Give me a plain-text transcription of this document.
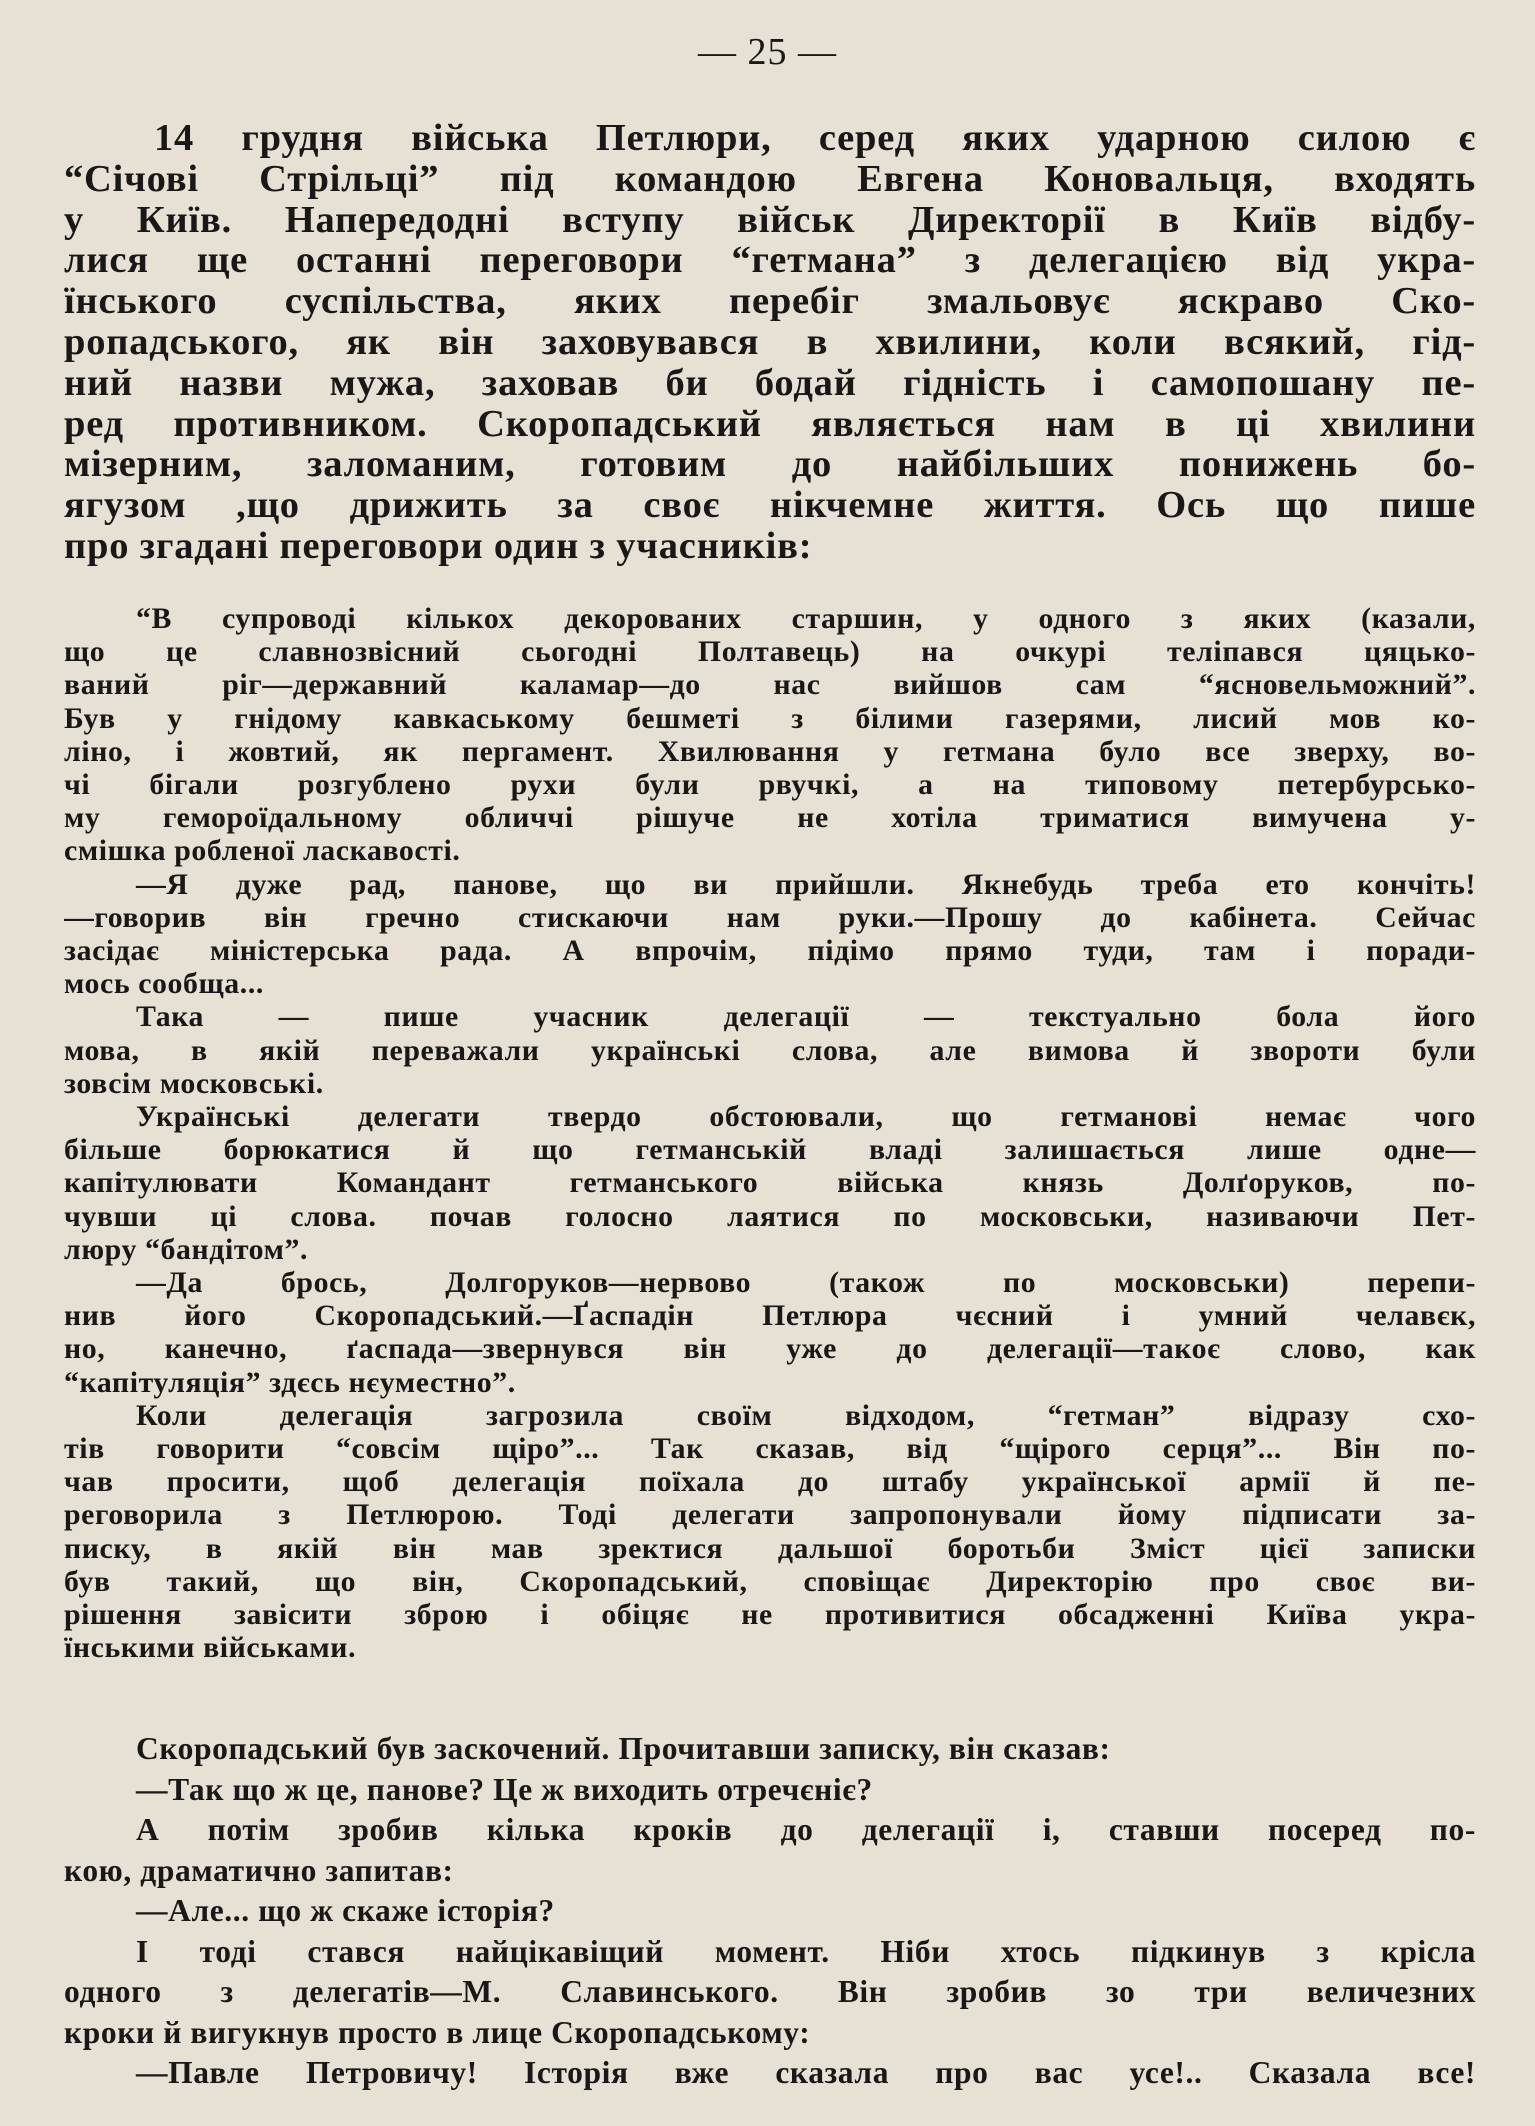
— 25 —
14 грудня війська Петлюри, серед яких ударною силою є
“Січові Стрільці” під командою Евгена Коновальця, входять
у Київ. Напередодні вступу військ Директорії в Київ відбу-
лися ще останні переговори “гетмана” з делегацією від укра-
їнського суспільства, яких перебіг змальовує яскраво Ско-
ропадського, як він заховувався в хвилини, коли всякий, гід-
ний назви мужа, заховав би бодай гідність і самопошану пе-
ред противником. Скоропадський являється нам в ці хвилини
мізерним, заломаним, готовим до найбільших понижень бо-
ягузом ,що дрижить за своє нікчемне життя. Ось що пише
про згадані переговори один з учасників:
“В супроводі кількох декорованих старшин, у одного з яких (казали,
що це славнозвісний сьогодні Полтавець) на очкурі теліпався цяцько-
ваний ріг—державний каламар—до нас вийшов сам “ясновельможний”.
Був у гнідому кавкаському бешметі з білими газерями, лисий мов ко-
ліно, і жовтий, як пергамент. Хвилювання у гетмана було все зверху, во-
чі бігали розгублено рухи були рвучкі, а на типовому петербурсько-
му гемороїдальному обличчі рішуче не хотіла триматися вимучена у-
смішка робленої ласкавості.
—Я дуже рад, панове, що ви прийшли. Якнебудь треба ето кончіть!
—говорив він гречно стискаючи нам руки.—Прошу до кабінета. Сейчас
засідає міністерська рада. А впрочім, підімо прямо туди, там і поради-
мось сообща...
Така — пише учасник делегації — текстуально бола його
мова, в якій переважали українські слова, але вимова й звороти були
зовсім московські.
Українські делегати твердо обстоювали, що гетманові немає чого
більше борюкатися й що гетманській владі залишається лише одне—
капітулювати Командант гетманського війська князь Долґоруков, по-
чувши ці слова. почав голосно лаятися по московськи, називаючи Пет-
люру “бандітом”.
—Да брось, Долгоруков—нервово (також по московськи) перепи-
нив його Скоропадський.—Ґаспадін Петлюра чєсний і умний челавєк,
но, канечно, ґаспада—звернувся він уже до делегації—такоє слово, как
“капітуляція” здєсь нєуместно”.
Коли делегація загрозила своїм відходом, “гетман” відразу схо-
тів говорити “совсім щіро”... Так сказав, від “щірого серця”... Він по-
чав просити, щоб делегація поїхала до штабу української армії й пе-
реговорила з Петлюрою. Тоді делегати запропонували йому підписати за-
писку, в якій він мав зректися дальшої боротьби Зміст цієї записки
був такий, що він, Скоропадський, сповіщає Директорію про своє ви-
рішення завісити зброю і обіцяє не противитися обсадженні Київа укра-
їнськими військами.
Скоропадський був заскочений. Прочитавши записку, він сказав:
—Так що ж це, панове? Це ж виходить отречєніє?
А потім зробив кілька кроків до делегації і, ставши посеред по-
кою, драматично запитав:
—Але... що ж скаже історія?
І тоді стався найцікавіщий момент. Ніби хтось підкинув з крісла
одного з делегатів—М. Славинського. Він зробив зо три величезних
кроки й вигукнув просто в лице Скоропадському:
—Павле Петровичу! Історія вже сказала про вас усе!.. Сказала все!
